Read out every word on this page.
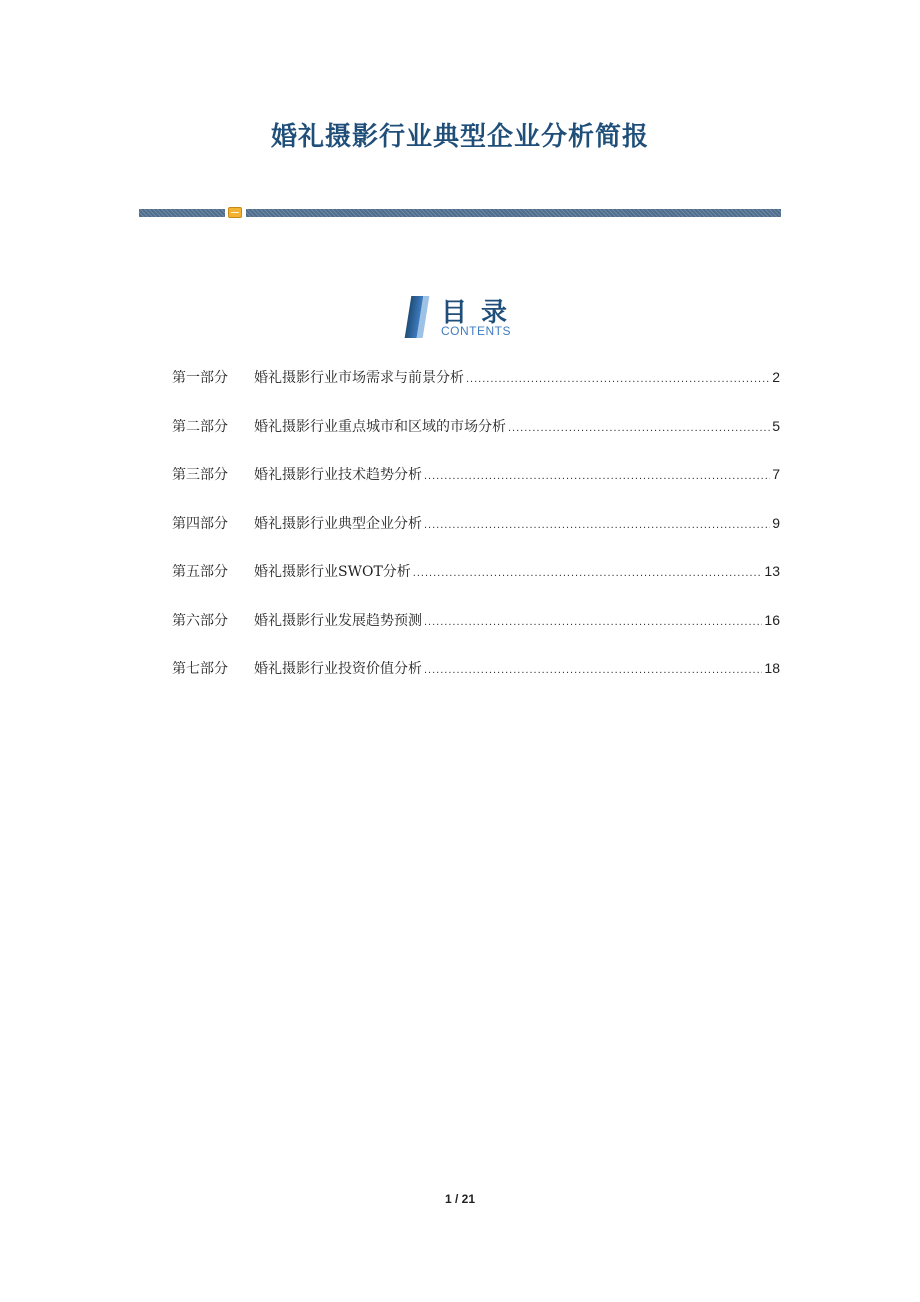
婚礼摄影行业典型企业分析简报
目录
CONTENTS
第一部分	婚礼摄影行业市场需求与前景分析 .....	2
第二部分	婚礼摄影行业重点城市和区域的市场分析 .....	5
第三部分	婚礼摄影行业技术趋势分析 .....	7
第四部分	婚礼摄影行业典型企业分析 .....	9
第五部分	婚礼摄影行业SWOT分析 .....	13
第六部分	婚礼摄影行业发展趋势预测 .....	16
第七部分	婚礼摄影行业投资价值分析 .....	18
1 / 21
